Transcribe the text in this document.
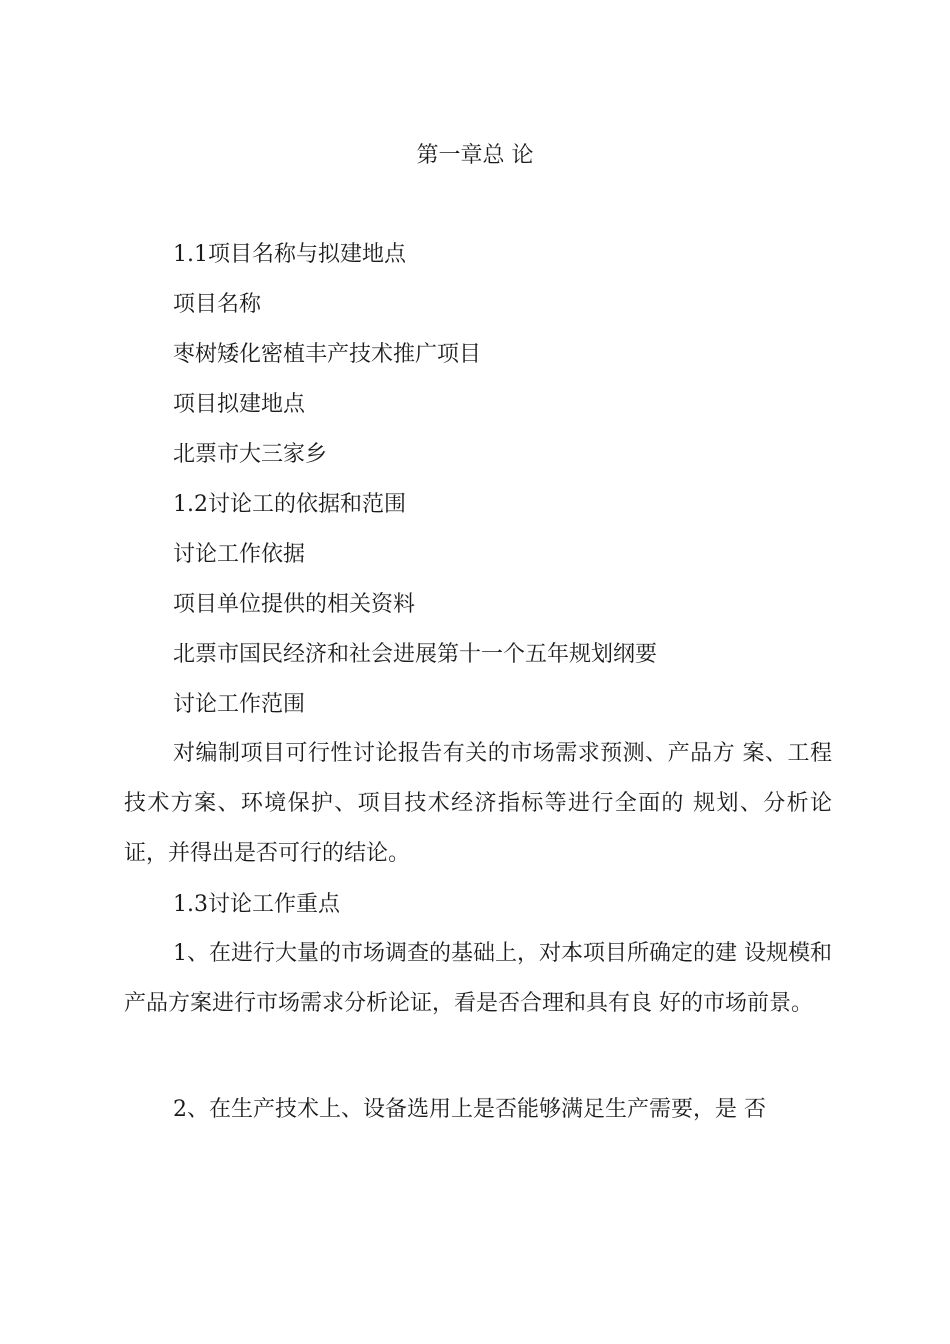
第一章总 论
1.1项目名称与拟建地点
项目名称
枣树矮化密植丰产技术推广项目
项目拟建地点
北票市大三家乡
1.2讨论工的依据和范围
讨论工作依据
项目单位提供的相关资料
北票市国民经济和社会进展第十一个五年规划纲要
讨论工作范围

对编制项目可行性讨论报告有关的市场需求预测、产品方 案、工程技术方案、环境保护、项目技术经济指标等进行全面的 规划、分析论证，并得出是否可行的结论。

1.3讨论工作重点

1、在进行大量的市场调查的基础上，对本项目所确定的建 设规模和产品方案进行市场需求分析论证，看是否合理和具有良 好的市场前景。

2、在生产技术上、设备选用上是否能够满足生产需要，是 否
